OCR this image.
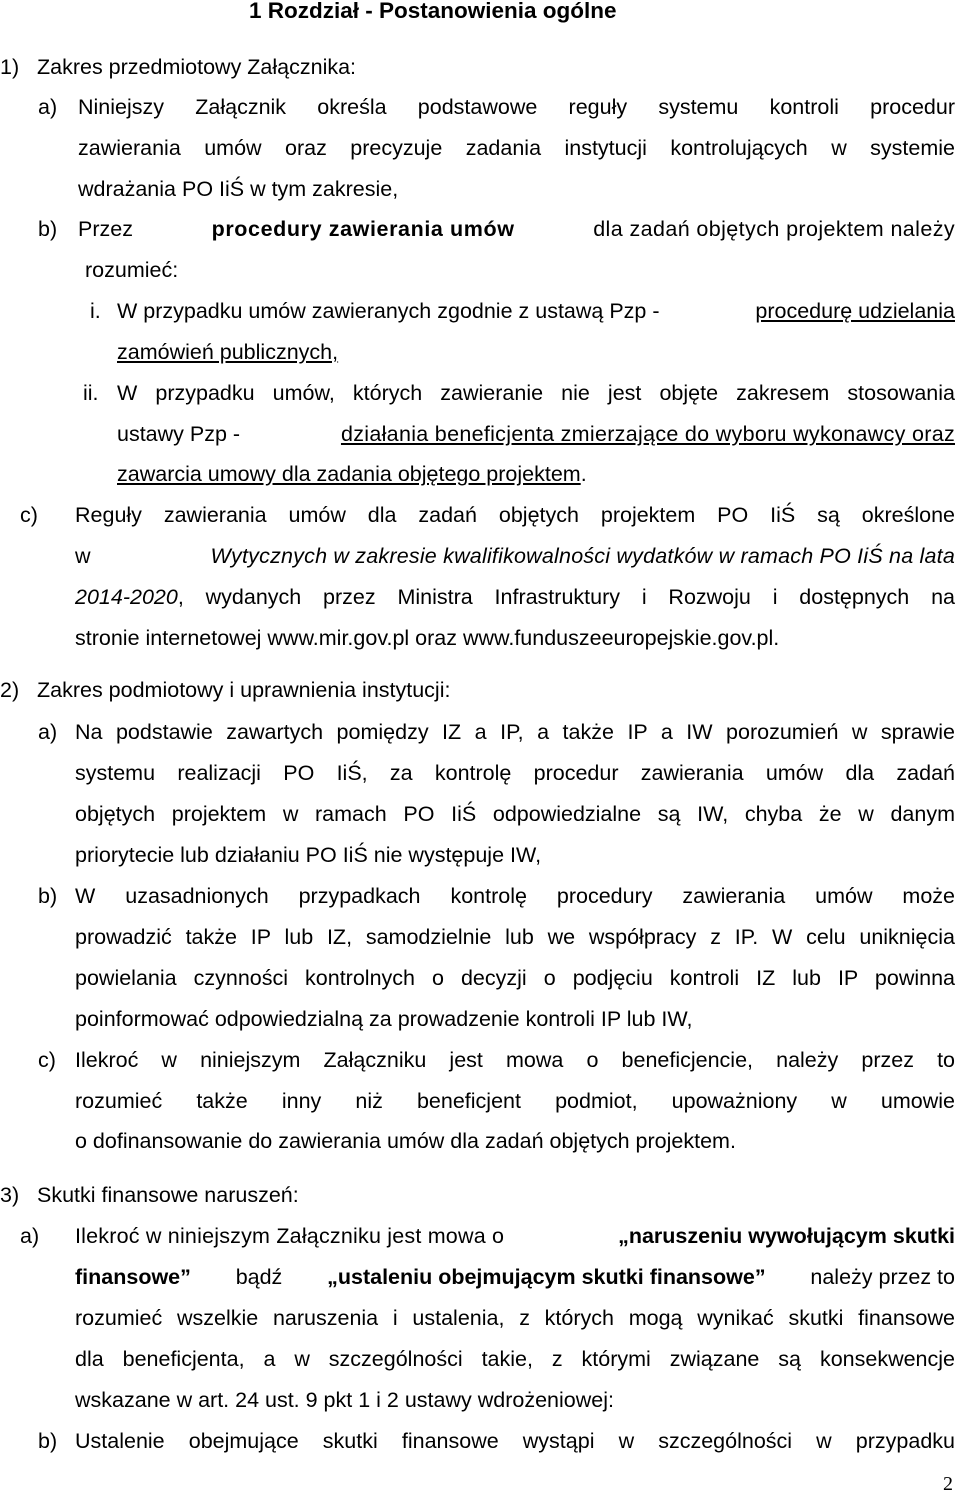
1 Rozdział - Postanowienia ogólne
1) Zakres przedmiotowy Załącznika:
a) Niniejszy Załącznik określa podstawowe reguły systemu kontroli procedur
zawierania umów oraz precyzuje zadania instytucji kontrolujących w systemie
wdrażania PO IiŚ w tym zakresie,
b) Przez	procedury zawierania umów	dla zadań objętych projektem należy
rozumieć:
i. W przypadku umów zawieranych zgodnie z ustawą Pzp -	procedurę udzielania
zamówień publicznych,
ii. W przypadku umów, których zawieranie nie jest objęte zakresem stosowania
ustawy Pzp -	działania beneficjenta zmierzające do wyboru wykonawcy oraz
zawarcia umowy dla zadania objętego projektem.
c) Reguły zawierania umów dla zadań objętych projektem PO IiŚ są określone
w	Wytycznych w zakresie kwalifikowalności wydatków w ramach PO IiŚ na lata
2014-2020, wydanych przez Ministra Infrastruktury i Rozwoju i dostępnych na
stronie internetowej www.mir.gov.pl oraz www.funduszeeuropejskie.gov.pl.
2) Zakres podmiotowy i uprawnienia instytucji:
a) Na podstawie zawartych pomiędzy IZ a IP, a także IP a IW porozumień w sprawie
systemu realizacji PO IiŚ, za kontrolę procedur zawierania umów dla zadań
objętych projektem w ramach PO IiŚ odpowiedzialne są IW, chyba że w danym
priorytecie lub działaniu PO IiŚ nie występuje IW,
b) W uzasadnionych przypadkach kontrolę procedury zawierania umów może
prowadzić także IP lub IZ, samodzielnie lub we współpracy z IP. W celu uniknięcia
powielania czynności kontrolnych o decyzji o podjęciu kontroli IZ lub IP powinna
poinformować odpowiedzialną za prowadzenie kontroli IP lub IW,
c) Ilekroć w niniejszym Załączniku jest mowa o beneficjencie, należy przez to
rozumieć także inny niż beneficjent podmiot, upoważniony w umowie
o dofinansowanie do zawierania umów dla zadań objętych projektem.
3) Skutki finansowe naruszeń:
a) Ilekroć w niniejszym Załączniku jest mowa o	„naruszeniu wywołującym skutki
finansowe” bądź „ustaleniu obejmującym skutki finansowe” należy przez to
rozumieć wszelkie naruszenia i ustalenia, z których mogą wynikać skutki finansowe
dla beneficjenta, a w szczególności takie, z którymi związane są konsekwencje
wskazane w art. 24 ust. 9 pkt 1 i 2 ustawy wdrożeniowej:
b) Ustalenie obejmujące skutki finansowe wystąpi w szczególności w przypadku
2
